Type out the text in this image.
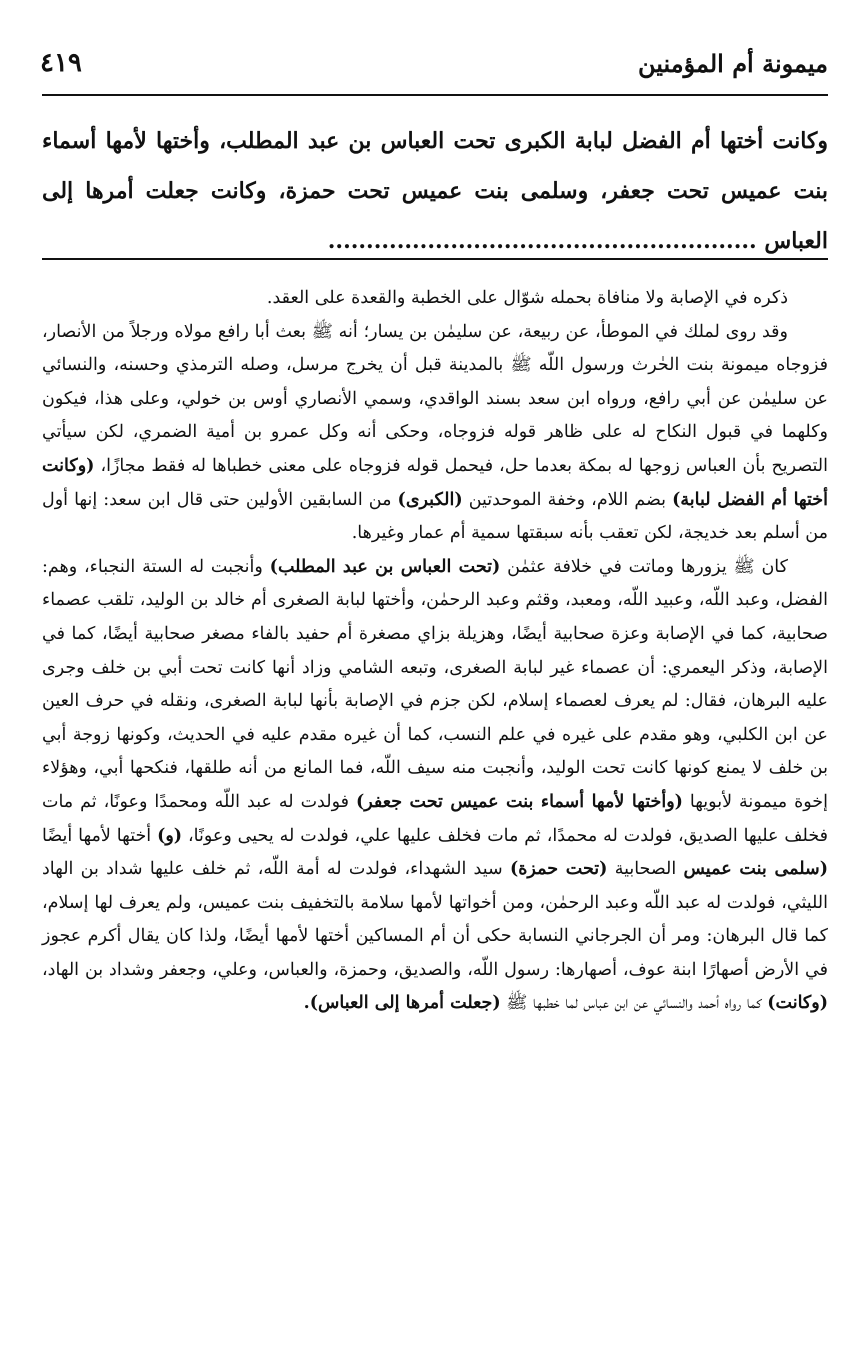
٤١٩	ميمونة أم المؤمنين

وكانت أختها أم الفضل لبابة الكبرى تحت العباس بن عبد المطلب، وأختها لأمها أسماء بنت عميس تحت جعفر، وسلمى بنت عميس تحت حمزة، وكانت جعلت أمرها إلى العباس ........................................................

ذكره في الإصابة ولا منافاة بحمله شوّال على الخطبة والقعدة على العقد.

وقد روى لملك في الموطأ، عن ربيعة، عن سليمٰن بن يسار؛ أنه ﷺ بعث أبا رافع مولاه ورجلاً من الأنصار، فزوجاه ميمونة بنت الحٰرث ورسول اللّه ﷺ بالمدينة قبل أن يخرج مرسل، وصله الترمذي وحسنه، والنسائي عن سليمٰن عن أبي رافع، ورواه ابن سعد بسند الواقدي، وسمي الأنصاري أوس بن خولي، وعلى هذا، فيكون وكلهما في قبول النكاح له على ظاهر قوله فزوجاه، وحكى أنه وكل عمرو بن أمية الضمري، لكن سيأتي التصريح بأن العباس زوجها له بمكة بعدما حل، فيحمل قوله فزوجاه على معنى خطباها له فقط مجازًا، (وكانت أختها أم الفضل لبابة) بضم اللام، وخفة الموحدتين (الكبرى) من السابقين الأولين حتى قال ابن سعد: إنها أول من أسلم بعد خديجة، لكن تعقب بأنه سبقتها سمية أم عمار وغيرها.

كان ﷺ يزورها وماتت في خلافة عثمٰن (تحت العباس بن عبد المطلب) وأنجبت له الستة النجباء، وهم: الفضل، وعبد اللّه، وعبيد اللّه، ومعبد، وقثم وعبد الرحمٰن، وأختها لبابة الصغرى أم خالد بن الوليد، تلقب عصماء صحابية، كما في الإصابة وعزة صحابية أيضًا، وهزيلة بزاي مصغرة أم حفيد بالفاء مصغر صحابية أيضًا، كما في الإصابة، وذكر اليعمري: أن عصماء غير لبابة الصغرى، وتبعه الشامي وزاد أنها كانت تحت أبي بن خلف وجرى عليه البرهان، فقال: لم يعرف لعصماء إسلام، لكن جزم في الإصابة بأنها لبابة الصغرى، ونقله في حرف العين عن ابن الكلبي، وهو مقدم على غيره في علم النسب، كما أن غيره مقدم عليه في الحديث، وكونها زوجة أبي بن خلف لا يمنع كونها كانت تحت الوليد، وأنجبت منه سيف اللّه، فما المانع من أنه طلقها، فنكحها أبي، وهؤلاء إخوة ميمونة لأبويها (وأختها لأمها أسماء بنت عميس تحت جعفر) فولدت له عبد اللّه ومحمدًا وعونًا، ثم مات فخلف عليها الصديق، فولدت له محمدًا، ثم مات فخلف عليها علي، فولدت له يحيى وعونًا، (و) أختها لأمها أيضًا (سلمى بنت عميس الصحابية (تحت حمزة) سيد الشهداء، فولدت له أمة اللّه، ثم خلف عليها شداد بن الهاد الليثي، فولدت له عبد اللّه وعبد الرحمٰن، ومن أخواتها لأمها سلامة بالتخفيف بنت عميس، ولم يعرف لها إسلام، كما قال البرهان: ومر أن الجرجاني النسابة حكى أن أم المساكين أختها لأمها أيضًا، ولذا كان يقال أكرم عجوز في الأرض أصهارًا ابنة عوف، أصهارها: رسول اللّه، والصديق، وحمزة، والعباس، وعلي، وجعفر وشداد بن الهاد، (وكانت) كما رواه أحمد والنسائي عن ابن عباس لما خطبها ﷺ (جعلت أمرها إلى العباس).
